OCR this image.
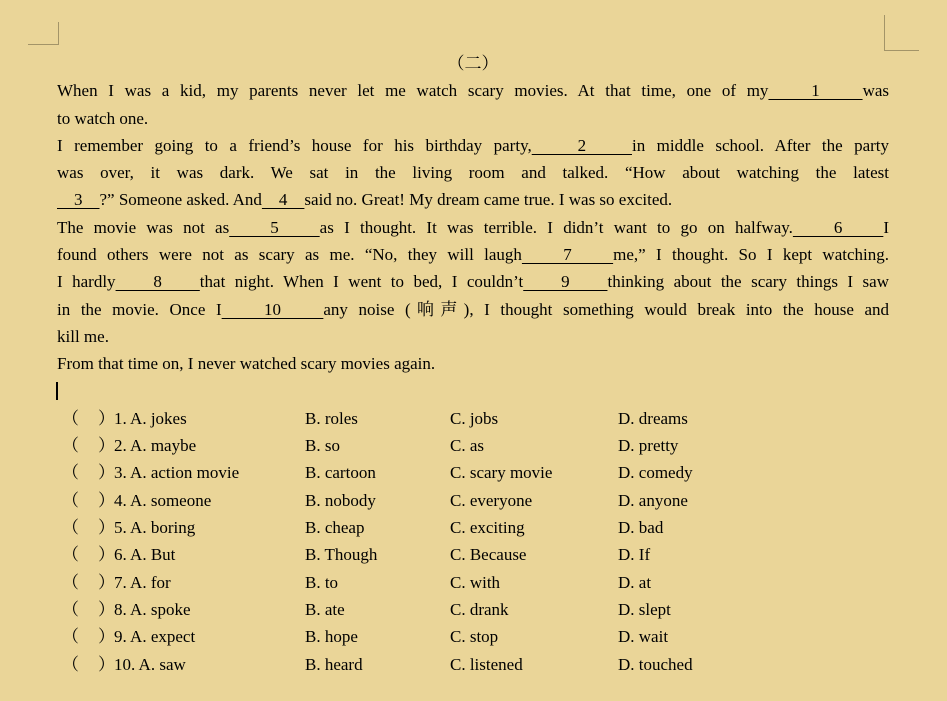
（二）
When I was a kid, my parents never let me watch scary movies. At that time, one of my    1    was
to watch one.
I remember going to a friend’s house for his birthday party,    2    in middle school. After the party
was over, it was dark. We sat in the living room and talked. “How about watching the latest
3    ?” Someone asked. And    4    said no. Great! My dream came true. I was so excited.
The movie was not as    5    as I thought. It was terrible. I didn’t want to go on halfway.    6    I
found others were not as scary as me. “No, they will laugh    7    me,” I thought. So I kept watching.
I hardly    8    that night. When I went to bed, I couldn’t    9    thinking about the scary things I saw
in the movie. Once I    10    any noise (响声), I thought something would break into the house and
kill me.
From that time on, I never watched scary movies again.
（　）
1. A. jokes	B. roles	C. jobs	D. dreams
（　）
2. A. maybe	B. so	C. as	D. pretty
（　）
3. A. action movie	B. cartoon	C. scary movie	D. comedy
（　）
4. A. someone	B. nobody	C. everyone	D. anyone
（　）
5. A. boring	B. cheap	C. exciting	D. bad
（　）
6. A. But	B. Though	C. Because	D. If
（　）
7. A. for	B. to	C. with	D. at
（　）
8. A. spoke	B. ate	C. drank	D. slept
（　）
9. A. expect	B. hope	C. stop	D. wait
（　）
10. A. saw	B. heard	C. listened	D. touched
